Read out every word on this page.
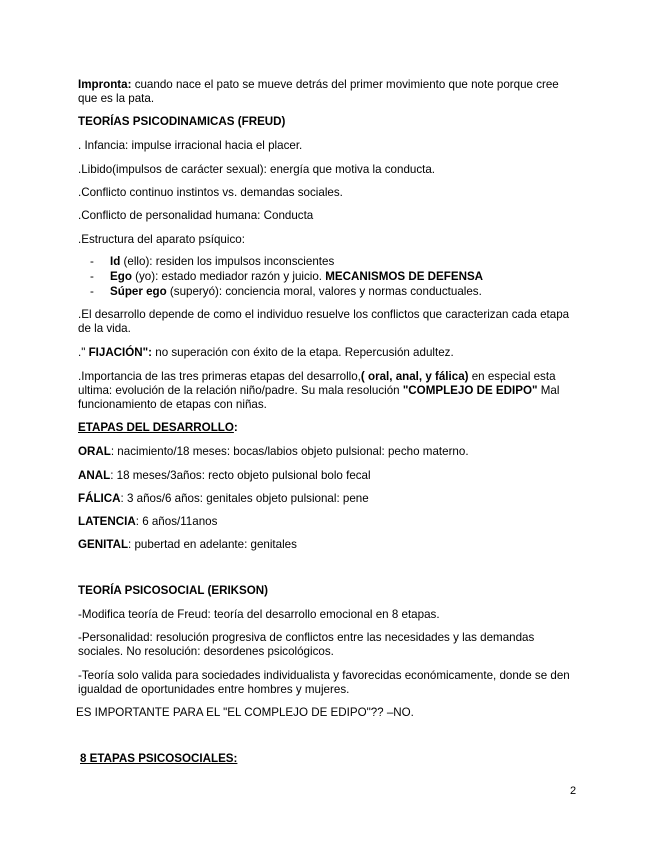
Impronta: cuando nace el pato se mueve detrás del primer movimiento que note porque cree
que es la pata.
TEORÍAS PSICODINAMICAS (FREUD)
. Infancia: impulse irracional hacia el placer.
.Libido(impulsos de carácter sexual): energía que motiva la conducta.
.Conflicto continuo instintos vs. demandas sociales.
.Conflicto de personalidad humana: Conducta
.Estructura del aparato psíquico:
- Id (ello): residen los impulsos inconscientes
- Ego (yo): estado mediador razón y juicio. MECANISMOS DE DEFENSA
- Súper ego (superyó): conciencia moral, valores y normas conductuales.
.El desarrollo depende de como el individuo resuelve los conflictos que caracterizan cada etapa
de la vida.
." FIJACIÓN": no superación con éxito de la etapa. Repercusión adultez.
.Importancia de las tres primeras etapas del desarrollo,( oral, anal, y fálica) en especial esta
ultima: evolución de la relación niño/padre. Su mala resolución "COMPLEJO DE EDIPO" Mal
funcionamiento de etapas con niñas.
ETAPAS DEL DESARROLLO:
ORAL: nacimiento/18 meses: bocas/labios objeto pulsional: pecho materno.
ANAL: 18 meses/3años: recto objeto pulsional bolo fecal
FÁLICA: 3 años/6 años: genitales objeto pulsional: pene
LATENCIA: 6 años/11anos
GENITAL: pubertad en adelante: genitales
TEORÍA PSICOSOCIAL (ERIKSON)
-Modifica teoría de Freud: teoría del desarrollo emocional en 8 etapas.
-Personalidad: resolución progresiva de conflictos entre las necesidades y las demandas
sociales. No resolución: desordenes psicológicos.
-Teoría solo valida para sociedades individualista y favorecidas económicamente, donde se den
igualdad de oportunidades entre hombres y mujeres.
ES IMPORTANTE PARA EL "EL COMPLEJO DE EDIPO"?? –NO.
8 ETAPAS PSICOSOCIALES:
2
